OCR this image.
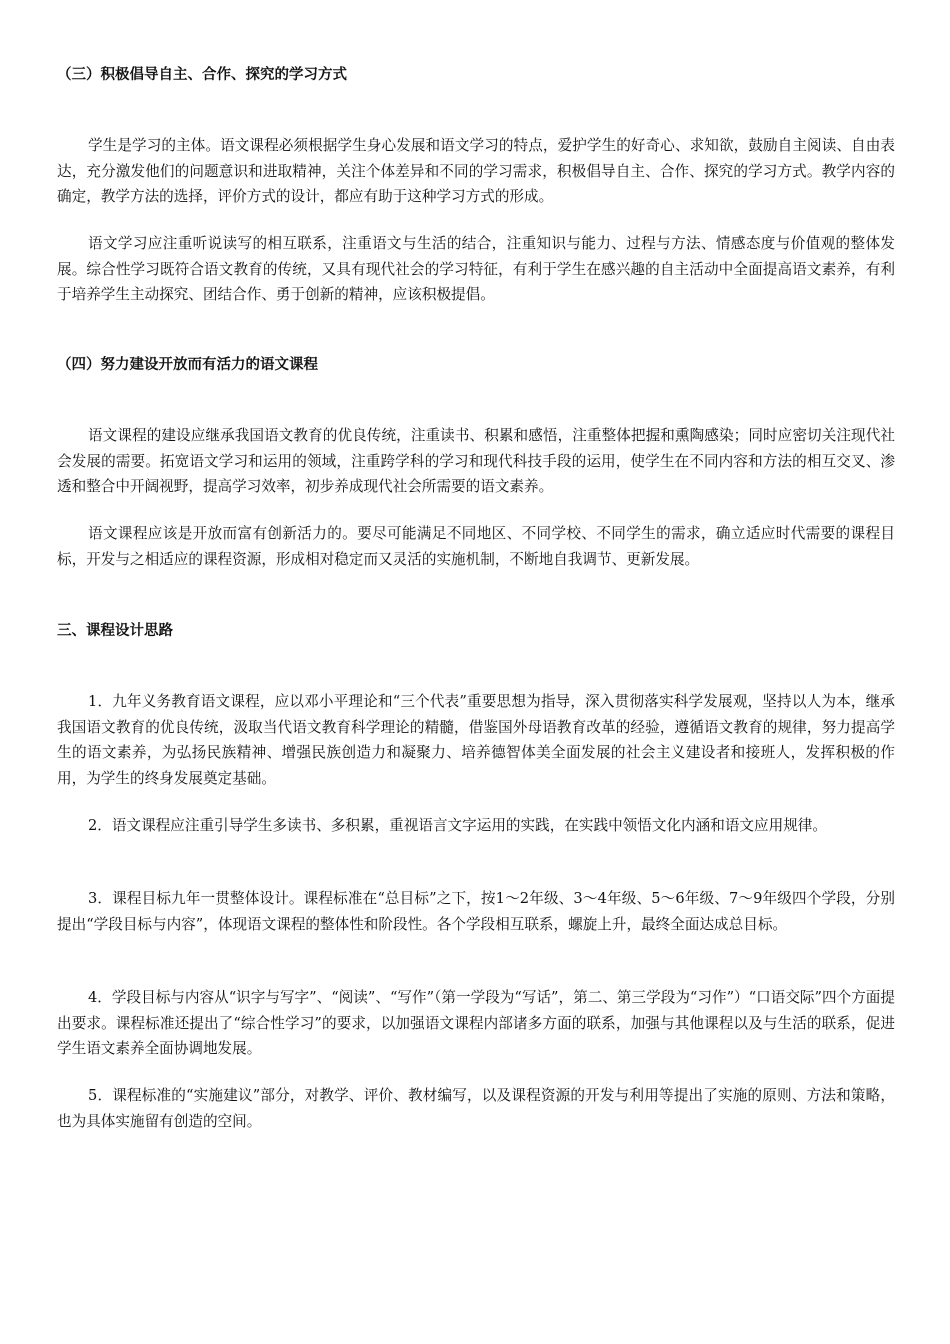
（三）积极倡导自主、合作、探究的学习方式

学生是学习的主体。语文课程必须根据学生身心发展和语文学习的特点，爱护学生的好奇心、求知欲，鼓励自主阅读、自由表达，充分激发他们的问题意识和进取精神，关注个体差异和不同的学习需求，积极倡导自主、合作、探究的学习方式。教学内容的确定，教学方法的选择，评价方式的设计，都应有助于这种学习方式的形成。

语文学习应注重听说读写的相互联系，注重语文与生活的结合，注重知识与能力、过程与方法、情感态度与价值观的整体发展。综合性学习既符合语文教育的传统，又具有现代社会的学习特征，有利于学生在感兴趣的自主活动中全面提高语文素养，有利于培养学生主动探究、团结合作、勇于创新的精神，应该积极提倡。

（四）努力建设开放而有活力的语文课程

语文课程的建设应继承我国语文教育的优良传统，注重读书、积累和感悟，注重整体把握和熏陶感染；同时应密切关注现代社会发展的需要。拓宽语文学习和运用的领域，注重跨学科的学习和现代科技手段的运用，使学生在不同内容和方法的相互交叉、渗透和整合中开阔视野，提高学习效率，初步养成现代社会所需要的语文素养。

语文课程应该是开放而富有创新活力的。要尽可能满足不同地区、不同学校、不同学生的需求，确立适应时代需要的课程目标，开发与之相适应的课程资源，形成相对稳定而又灵活的实施机制，不断地自我调节、更新发展。

三、课程设计思路

1．九年义务教育语文课程，应以邓小平理论和“三个代表”重要思想为指导，深入贯彻落实科学发展观，坚持以人为本，继承我国语文教育的优良传统，汲取当代语文教育科学理论的精髓，借鉴国外母语教育改革的经验，遵循语文教育的规律，努力提高学生的语文素养，为弘扬民族精神、增强民族创造力和凝聚力、培养德智体美全面发展的社会主义建设者和接班人，发挥积极的作用，为学生的终身发展奠定基础。

2．语文课程应注重引导学生多读书、多积累，重视语言文字运用的实践，在实践中领悟文化内涵和语文应用规律。

3．课程目标九年一贯整体设计。课程标准在“总目标”之下，按1～2年级、3～4年级、5～6年级、7～9年级四个学段，分别提出“学段目标与内容”，体现语文课程的整体性和阶段性。各个学段相互联系，螺旋上升，最终全面达成总目标。

4．学段目标与内容从“识字与写字”、“阅读”、“写作”（第一学段为“写话”，第二、第三学段为“习作”）“口语交际”四个方面提出要求。课程标准还提出了“综合性学习”的要求，以加强语文课程内部诸多方面的联系，加强与其他课程以及与生活的联系，促进学生语文素养全面协调地发展。

5．课程标准的“实施建议”部分，对教学、评价、教材编写，以及课程资源的开发与利用等提出了实施的原则、方法和策略，也为具体实施留有创造的空间。
